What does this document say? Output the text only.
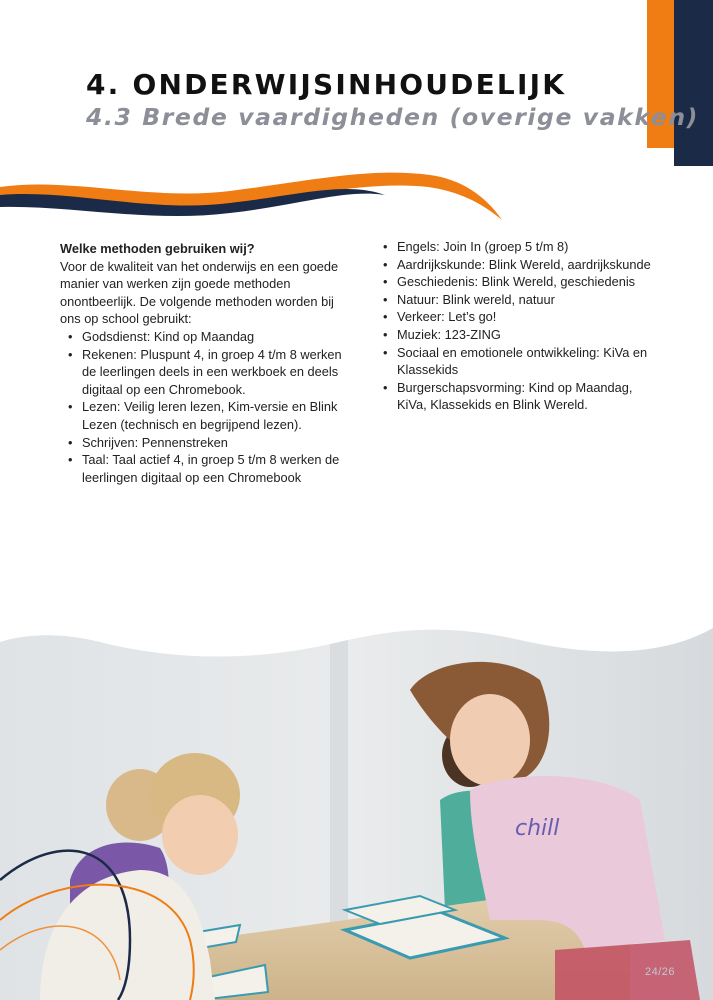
4. ONDERWIJSINHOUDELIJK
4.3 Brede vaardigheden (overige vakken)

Welke methoden gebruiken wij?

Voor de kwaliteit van het onderwijs en een goede manier van werken zijn goede methoden onontbeerlijk. De volgende methoden worden bij ons op school gebruikt:

• Godsdienst: Kind op Maandag
• Rekenen: Pluspunt 4, in groep 4 t/m 8 werken de leerlingen deels in een werkboek en deels digitaal op een Chromebook.
• Lezen: Veilig leren lezen, Kim-versie en Blink Lezen (technisch en begrijpend lezen).
• Schrijven: Pennenstreken
• Taal: Taal actief 4, in groep 5 t/m 8 werken de leerlingen digitaal op een Chromebook
• Engels: Join In (groep 5 t/m 8)
• Aardrijkskunde: Blink Wereld, aardrijkskunde
• Geschiedenis: Blink Wereld, geschiedenis
• Natuur: Blink wereld, natuur
• Verkeer: Let’s go!
• Muziek: 123-ZING
• Sociaal en emotionele ontwikkeling: KiVa en Klassekids
• Burgerschapsvorming: Kind op Maandag, KiVa, Klassekids en Blink Wereld.
chill
24/26
